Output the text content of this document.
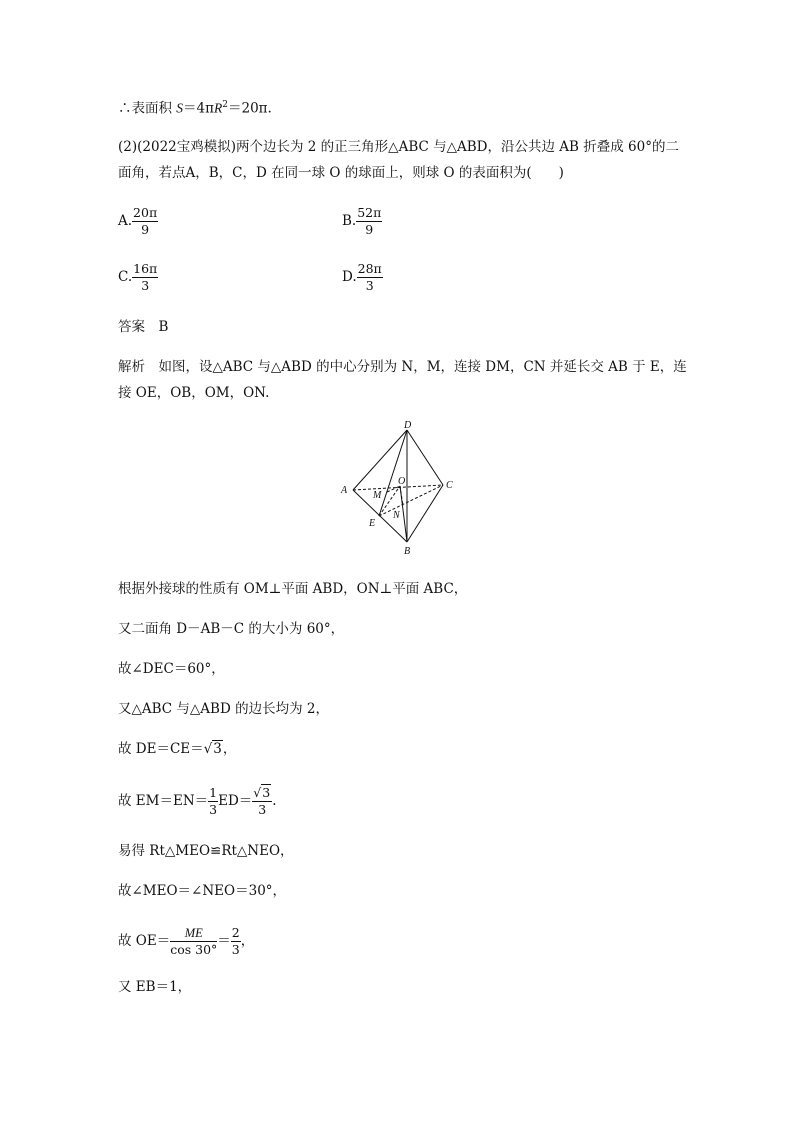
∴表面积 $S=4\pi R^2=20\pi$.
(2)(2022宝鸡模拟)两个边长为 2 的正三角形△ABC 与△ABD，沿公共边 AB 折叠成 60°的二
面角，若点A，B，C，D 在同一球 O 的球面上，则球 O 的表面积为(　　)
A. $\frac{20\pi}{9}$	B. $\frac{52\pi}{9}$
C. $\frac{16\pi}{3}$	D. $\frac{28\pi}{3}$
答案　B
解析　如图，设△ABC 与△ABD 的中心分别为 N，M，连接 DM，CN 并延长交 AB 于 E，连
接 OE，OB，OM，ON.
D
A	M
O	C
E
N
B
根据外接球的性质有 OM⊥平面 ABD，ON⊥平面 ABC，
又二面角 D－AB－C 的大小为 60°，
故∠DEC＝60°，
又△ABC 与△ABD 的边长均为 2，
故 DE＝CE＝√3，
故 $EM=EN= \frac{1}{3} ED= \frac{√3}{3}$ .
易得 Rt△MEO≌Rt△NEO，
故∠MEO＝∠NEO＝30°，
故 $OE= \frac{ME}{\cos 30^\circ} = \frac{2}{3}$ ，
又 EB＝1，
